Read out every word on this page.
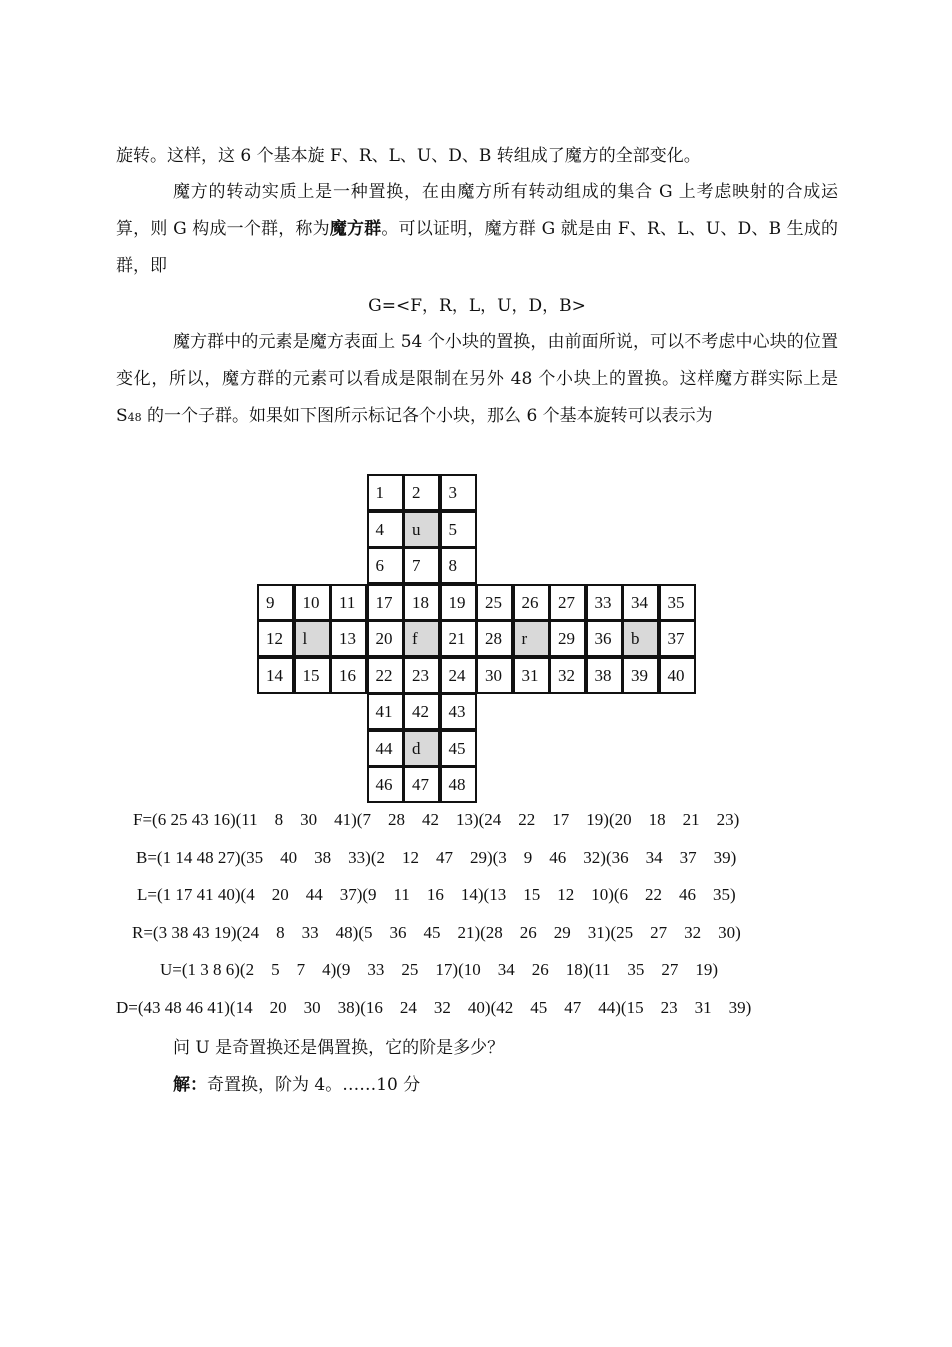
旋转。这样，这 6 个基本旋 F、R、L、U、D、B 转组成了魔方的全部变化。
魔方的转动实质上是一种置换，在由魔方所有转动组成的集合 G 上考虑映射的合成运算，则 G 构成一个群，称为魔方群。可以证明，魔方群 G 就是由 F、R、L、U、D、B 生成的群，即
G=<F，R，L，U，D，B>
魔方群中的元素是魔方表面上 54 个小块的置换，由前面所说，可以不考虑中心块的位置变化，所以，魔方群的元素可以看成是限制在另外 48 个小块上的置换。这样魔方群实际上是 S48 的一个子群。如果如下图所示标记各个小块，那么 6 个基本旋转可以表示为
1	2	3
4	u	5
6	7	8
9	10	11	17	18	19	25	26	27	33	34	35
12	l	13	20	f	21	28	r	29	36	b	37
14	15	16	22	23	24	30	31	32	38	39	40
41	42	43
44	d	45
46	47	48
F=(6 25 43 16)(11    8    30    41)(7    28    42    13)(24    22    17    19)(20    18    21    23)
B=(1 14 48 27)(35    40    38    33)(2    12    47    29)(3    9    46    32)(36    34    37    39)
L=(1 17 41 40)(4    20    44    37)(9    11    16    14)(13    15    12    10)(6    22    46    35)
R=(3 38 43 19)(24    8    33    48)(5    36    45    21)(28    26    29    31)(25    27    32    30)
U=(1 3 8 6)(2    5    7    4)(9    33    25    17)(10    34    26    18)(11    35    27    19)
D=(43 48 46 41)(14    20    30    38)(16    24    32    40)(42    45    47    44)(15    23    31    39)
问 U 是奇置换还是偶置换，它的阶是多少？
解：奇置换，阶为 4。……10 分
